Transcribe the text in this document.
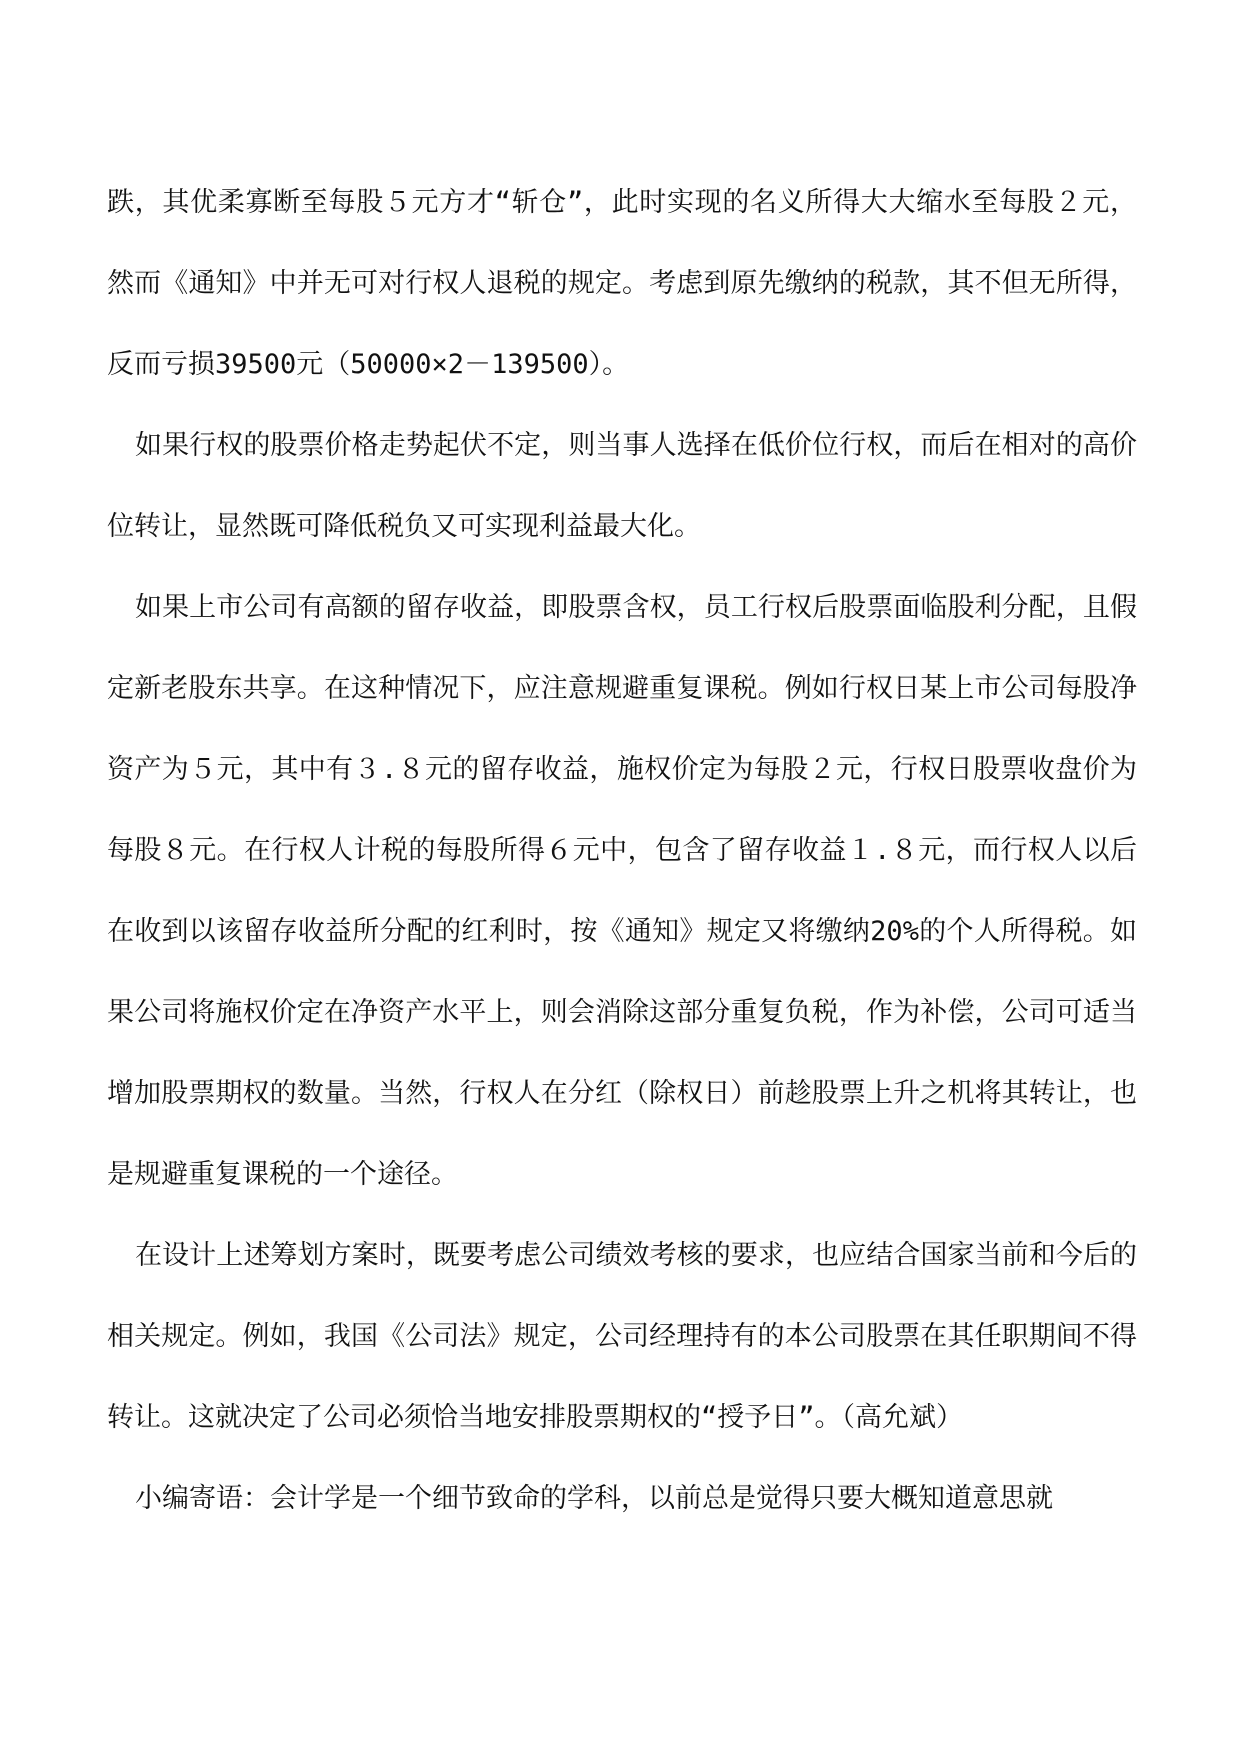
跌，其优柔寡断至每股５元方才“斩仓”，此时实现的名义所得大大缩水至每股２元，然而《通知》中并无可对行权人退税的规定。考虑到原先缴纳的税款，其不但无所得，反而亏损39500元（50000×2－139500）。

如果行权的股票价格走势起伏不定，则当事人选择在低价位行权，而后在相对的高价位转让，显然既可降低税负又可实现利益最大化。

如果上市公司有高额的留存收益，即股票含权，员工行权后股票面临股利分配，且假定新老股东共享。在这种情况下，应注意规避重复课税。例如行权日某上市公司每股净资产为５元，其中有３.８元的留存收益，施权价定为每股２元，行权日股票收盘价为每股８元。在行权人计税的每股所得６元中，包含了留存收益１.８元，而行权人以后在收到以该留存收益所分配的红利时，按《通知》规定又将缴纳20%的个人所得税。如果公司将施权价定在净资产水平上，则会消除这部分重复负税，作为补偿，公司可适当增加股票期权的数量。当然，行权人在分红（除权日）前趁股票上升之机将其转让，也是规避重复课税的一个途径。

在设计上述筹划方案时，既要考虑公司绩效考核的要求，也应结合国家当前和今后的相关规定。例如，我国《公司法》规定，公司经理持有的本公司股票在其任职期间不得转让。这就决定了公司必须恰当地安排股票期权的“授予日”。（高允斌）

小编寄语：会计学是一个细节致命的学科，以前总是觉得只要大概知道意思就
